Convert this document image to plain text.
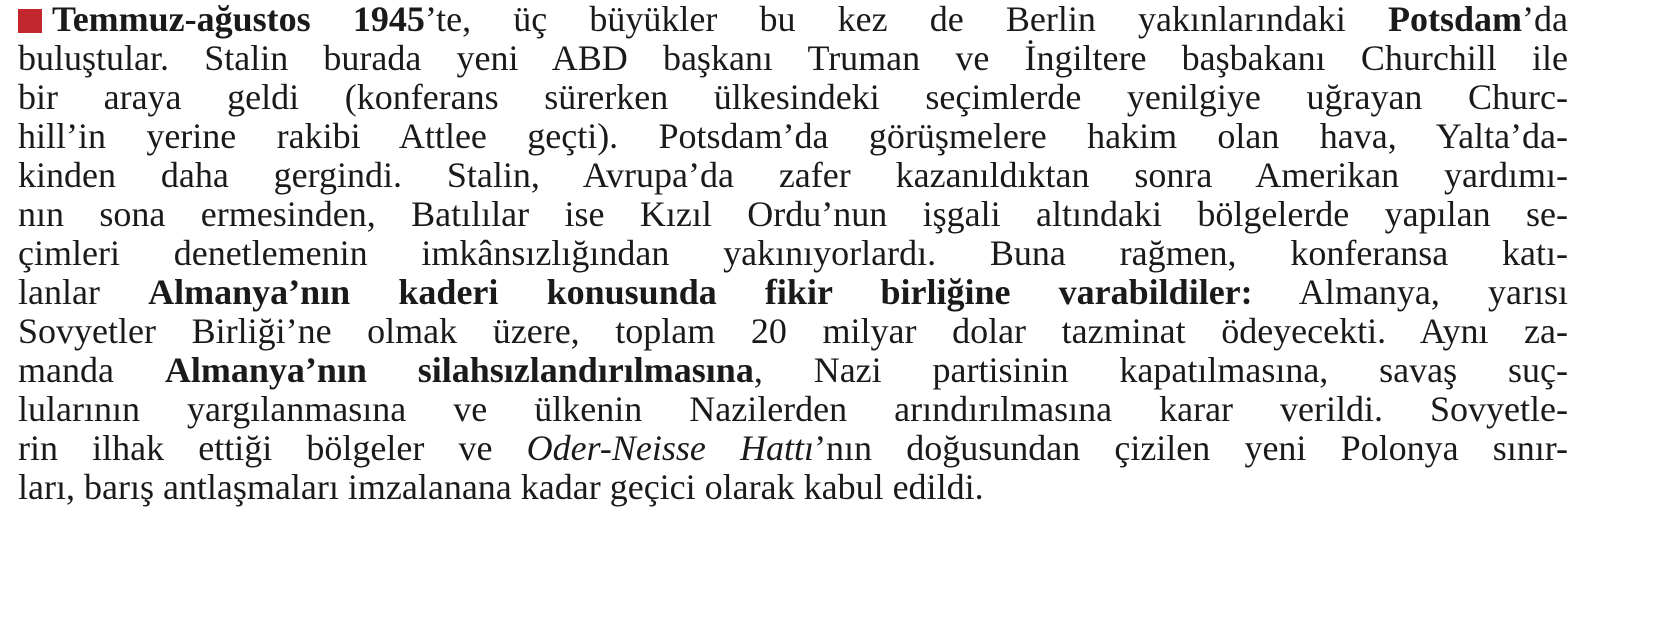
Temmuz-ağustos 1945’te, üç büyükler bu kez de Berlin yakınlarındaki Potsdam’da
buluştular. Stalin burada yeni ABD başkanı Truman ve İngiltere başbakanı Churchill ile
bir araya geldi (konferans sürerken ülkesindeki seçimlerde yenilgiye uğrayan Churc-
hill’in yerine rakibi Attlee geçti). Potsdam’da görüşmelere hakim olan hava, Yalta’da-
kinden daha gergindi. Stalin, Avrupa’da zafer kazanıldıktan sonra Amerikan yardımı-
nın sona ermesinden, Batılılar ise Kızıl Ordu’nun işgali altındaki bölgelerde yapılan se-
çimleri denetlemenin imkânsızlığından yakınıyorlardı. Buna rağmen, konferansa katı-
lanlar Almanya’nın kaderi konusunda fikir birliğine varabildiler: Almanya, yarısı
Sovyetler Birliği’ne olmak üzere, toplam 20 milyar dolar tazminat ödeyecekti. Aynı za-
manda Almanya’nın silahsızlandırılmasına, Nazi partisinin kapatılmasına, savaş suç-
lularının yargılanmasına ve ülkenin Nazilerden arındırılmasına karar verildi. Sovyetle-
rin ilhak ettiği bölgeler ve Oder-Neisse Hattı’nın doğusundan çizilen yeni Polonya sınır-
ları, barış antlaşmaları imzalanana kadar geçici olarak kabul edildi.
